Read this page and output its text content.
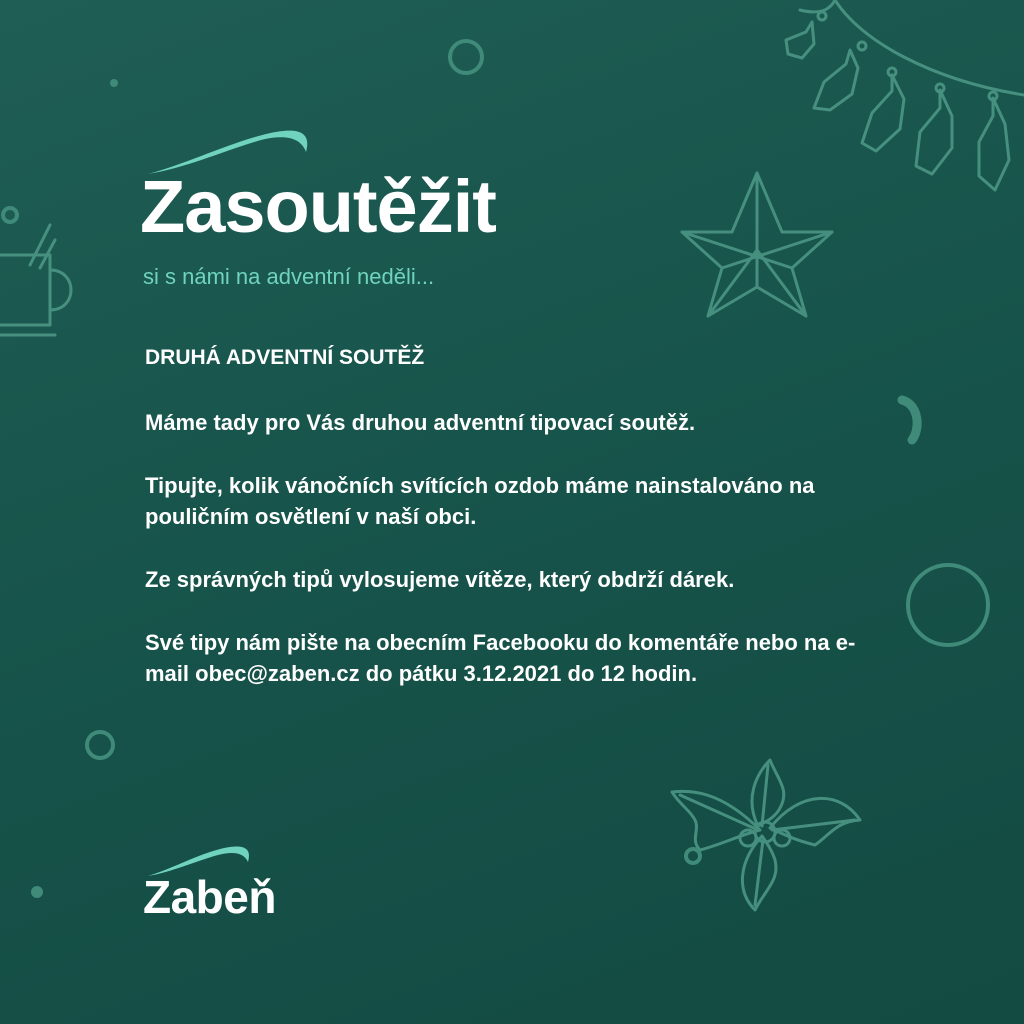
Zasoutěžit
si s námi na adventní neděli...

DRUHÁ ADVENTNÍ SOUTĚŽ

Máme tady pro Vás druhou adventní tipovací soutěž.

Tipujte, kolik vánočních svítících ozdob máme nainstalováno na pouličním osvětlení v naší obci.

Ze správných tipů vylosujeme vítěze, který obdrží dárek.

Své tipy nám pište na obecním Facebooku do komentáře nebo na e-mail obec@zaben.cz do pátku 3.12.2021 do 12 hodin.

Zabeň
